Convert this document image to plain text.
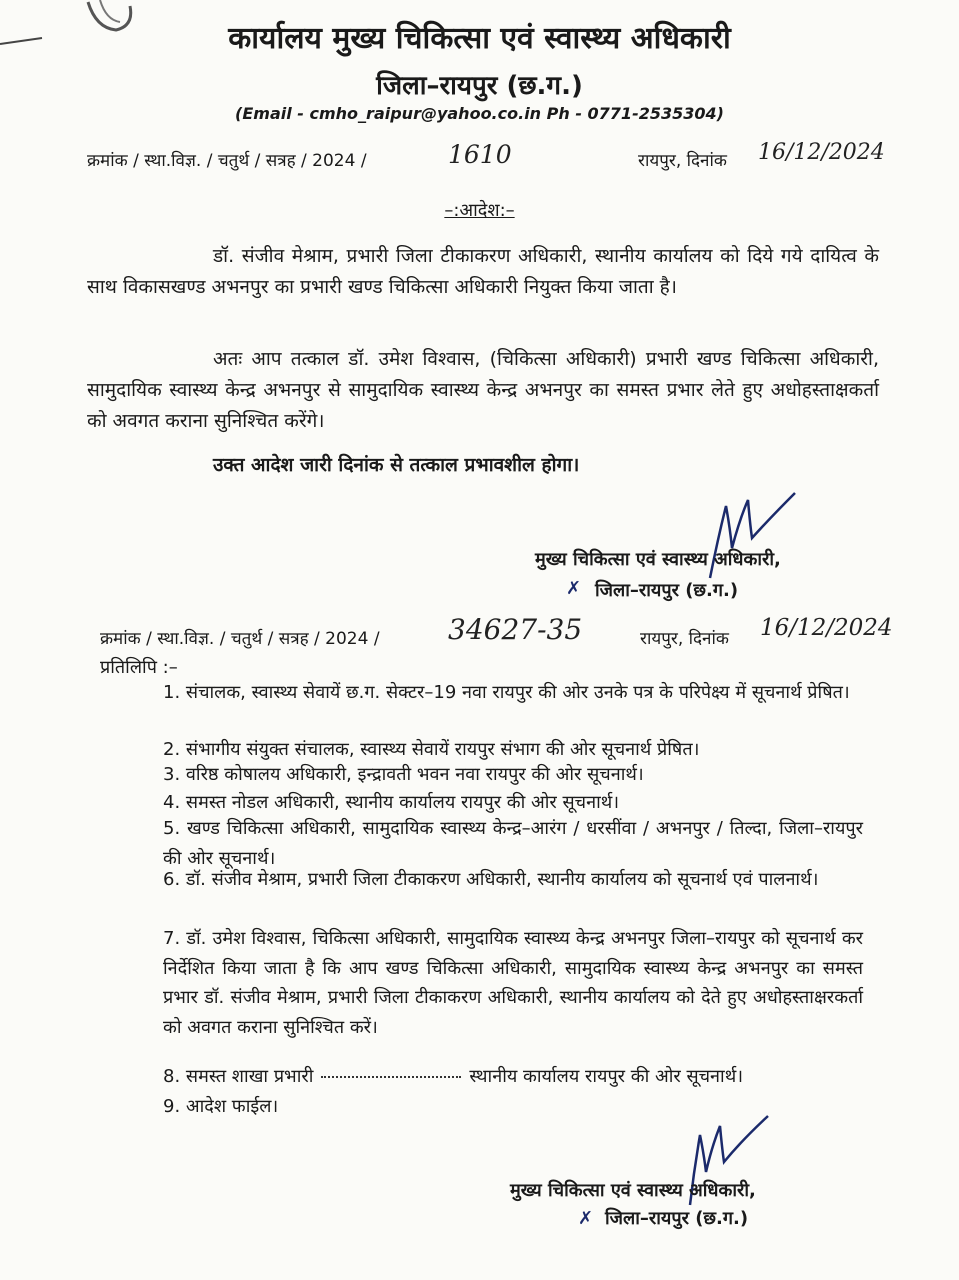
कार्यालय मुख्य चिकित्सा एवं स्वास्थ्य अधिकारी
जिला–रायपुर (छ.ग.)
(Email - cmho_raipur@yahoo.co.in Ph - 0771-2535304)
क्रमांक / स्था.विज्ञ. / चतुर्थ / सत्रह / 2024 /	1610	रायपुर, दिनांक 16/12/2024
–:आदेश:–
डॉ. संजीव मेश्राम, प्रभारी जिला टीकाकरण अधिकारी, स्थानीय कार्यालय को दिये गये दायित्व के साथ विकासखण्ड अभनपुर का प्रभारी खण्ड चिकित्सा अधिकारी नियुक्त किया जाता है।
अतः आप तत्काल डॉ. उमेश विश्वास, (चिकित्सा अधिकारी) प्रभारी खण्ड चिकित्सा अधिकारी, सामुदायिक स्वास्थ्य केन्द्र अभनपुर से सामुदायिक स्वास्थ्य केन्द्र अभनपुर का समस्त प्रभार लेते हुए अधोहस्ताक्षकर्ता को अवगत कराना सुनिश्चित करेंगे।
उक्त आदेश जारी दिनांक से तत्काल प्रभावशील होगा।
मुख्य चिकित्सा एवं स्वास्थ्य अधिकारी,
✗ जिला–रायपुर (छ.ग.)
क्रमांक / स्था.विज्ञ. / चतुर्थ / सत्रह / 2024 / 34627-35	रायपुर, दिनांक 16/12/2024
प्रतिलिपि :–
1. संचालक, स्वास्थ्य सेवायें छ.ग. सेक्टर–19 नवा रायपुर की ओर उनके पत्र के परिपेक्ष्य में सूचनार्थ प्रेषित।
2. संभागीय संयुक्त संचालक, स्वास्थ्य सेवायें रायपुर संभाग की ओर सूचनार्थ प्रेषित।
3. वरिष्ठ कोषालय अधिकारी, इन्द्रावती भवन नवा रायपुर की ओर सूचनार्थ।
4. समस्त नोडल अधिकारी, स्थानीय कार्यालय रायपुर की ओर सूचनार्थ।
5. खण्ड चिकित्सा अधिकारी, सामुदायिक स्वास्थ्य केन्द्र–आरंग / धरसींवा / अभनपुर / तिल्दा, जिला–रायपुर की ओर सूचनार्थ।
6. डॉ. संजीव मेश्राम, प्रभारी जिला टीकाकरण अधिकारी, स्थानीय कार्यालय को सूचनार्थ एवं पालनार्थ।
7. डॉ. उमेश विश्वास, चिकित्सा अधिकारी, सामुदायिक स्वास्थ्य केन्द्र अभनपुर जिला–रायपुर को सूचनार्थ कर निर्देशित किया जाता है कि आप खण्ड चिकित्सा अधिकारी, सामुदायिक स्वास्थ्य केन्द्र अभनपुर का समस्त प्रभार डॉ. संजीव मेश्राम, प्रभारी जिला टीकाकरण अधिकारी, स्थानीय कार्यालय को देते हुए अधोहस्ताक्षरकर्ता को अवगत कराना सुनिश्चित करें।
8. समस्त शाखा प्रभारी	स्थानीय कार्यालय रायपुर की ओर सूचनार्थ।
9. आदेश फाईल।
मुख्य चिकित्सा एवं स्वास्थ्य अधिकारी,
✗ जिला–रायपुर (छ.ग.)
